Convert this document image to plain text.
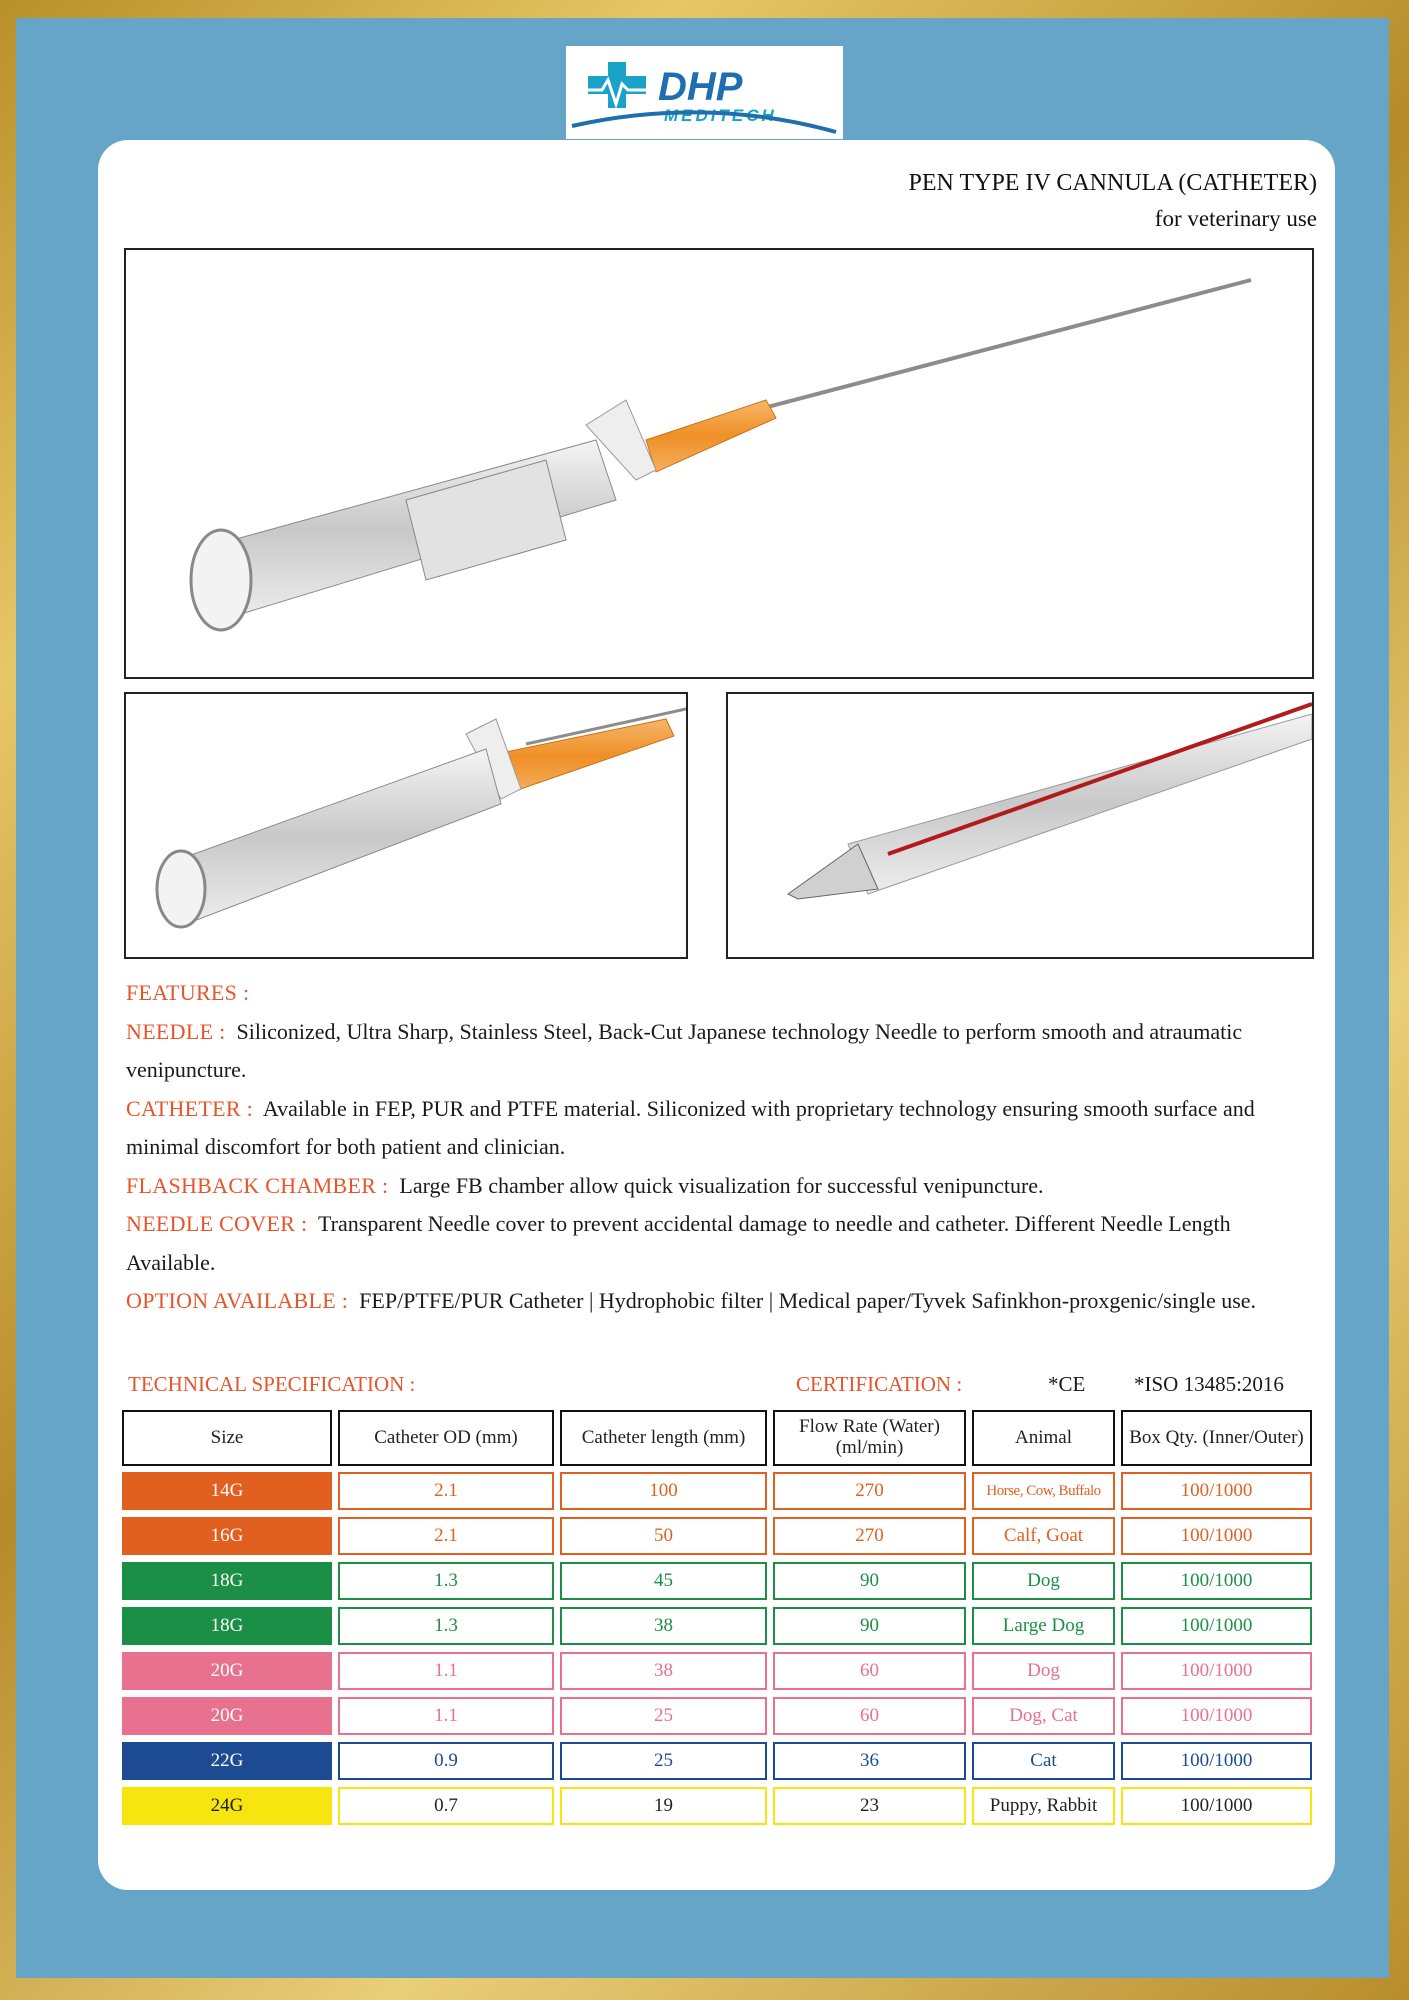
DHP
MEDITECH
PEN TYPE IV CANNULA (CATHETER)
for veterinary use

FEATURES :

NEEDLE : Siliconized, Ultra Sharp, Stainless Steel, Back-Cut Japanese technology Needle to perform smooth and atraumatic venipuncture.

CATHETER : Available in FEP, PUR and PTFE material. Siliconized with proprietary technology ensuring smooth surface and minimal discomfort for both patient and clinician.

FLASHBACK CHAMBER : Large FB chamber allow quick visualization for successful venipuncture.

NEEDLE COVER : Transparent Needle cover to prevent accidental damage to needle and catheter. Different Needle Length Available.

OPTION AVAILABLE : FEP/PTFE/PUR Catheter | Hydrophobic filter | Medical paper/Tyvek Safinkhon-proxgenic/single use.

TECHNICAL SPECIFICATION :	CERTIFICATION :	*CE *ISO 13485:2016
Size	Catheter OD (mm)	Catheter length (mm)	Flow Rate (Water) (ml/min)	Animal	Box Qty. (Inner/Outer)
14G	2.1	100	270	Horse, Cow, Buffalo	100/1000
16G	2.1	50	270	Calf, Goat	100/1000
18G	1.3	45	90	Dog	100/1000
18G	1.3	38	90	Large Dog	100/1000
20G	1.1	38	60	Dog	100/1000
20G	1.1	25	60	Dog, Cat	100/1000
22G	0.9	25	36	Cat	100/1000
24G	0.7	19	23	Puppy, Rabbit	100/1000
